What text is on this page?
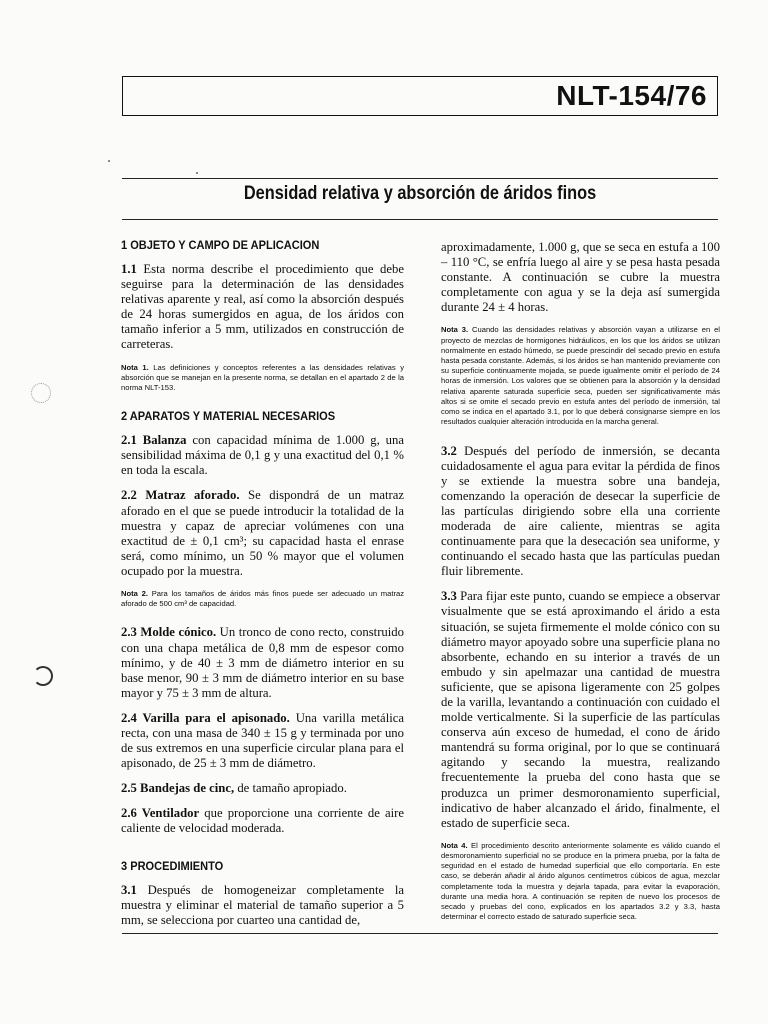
NLT-154/76
Densidad relativa y absorción de áridos finos
1 OBJETO Y CAMPO DE APLICACION

1.1 Esta norma describe el procedimiento que debe seguirse para la determinación de las densidades relativas aparente y real, así como la absorción después de 24 horas sumergidos en agua, de los áridos con tamaño inferior a 5 mm, utilizados en construcción de carreteras.

Nota 1. Las definiciones y conceptos referentes a las densidades relativas y absorción que se manejan en la presente norma, se detallan en el apartado 2 de la norma NLT-153.

2 APARATOS Y MATERIAL NECESARIOS

2.1 Balanza con capacidad mínima de 1.000 g, una sensibilidad máxima de 0,1 g y una exactitud del 0,1 % en toda la escala.

2.2 Matraz aforado. Se dispondrá de un matraz aforado en el que se puede introducir la totalidad de la muestra y capaz de apreciar volúmenes con una exactitud de ± 0,1 cm³; su capacidad hasta el enrase será, como mínimo, un 50 % mayor que el volumen ocupado por la muestra.

Nota 2. Para los tamaños de áridos más finos puede ser adecuado un matraz aforado de 500 cm³ de capacidad.

2.3 Molde cónico. Un tronco de cono recto, construido con una chapa metálica de 0,8 mm de espesor como mínimo, y de 40 ± 3 mm de diámetro interior en su base menor, 90 ± 3 mm de diámetro interior en su base mayor y 75 ± 3 mm de altura.

2.4 Varilla para el apisonado. Una varilla metálica recta, con una masa de 340 ± 15 g y terminada por uno de sus extremos en una superficie circular plana para el apisonado, de 25 ± 3 mm de diámetro.

2.5 Bandejas de cinc, de tamaño apropiado.

2.6 Ventilador que proporcione una corriente de aire caliente de velocidad moderada.

3 PROCEDIMIENTO

3.1 Después de homogeneizar completamente la muestra y eliminar el material de tamaño superior a 5 mm, se selecciona por cuarteo una cantidad de,

aproximadamente, 1.000 g, que se seca en estufa a 100 – 110 °C, se enfría luego al aire y se pesa hasta pesada constante. A continuación se cubre la muestra completamente con agua y se la deja así sumergida durante 24 ± 4 horas.

Nota 3. Cuando las densidades relativas y absorción vayan a utilizarse en el proyecto de mezclas de hormigones hidráulicos, en los que los áridos se utilizan normalmente en estado húmedo, se puede prescindir del secado previo en estufa hasta pesada constante. Además, si los áridos se han mantenido previamente con su superficie continuamente mojada, se puede igualmente omitir el período de 24 horas de inmersión. Los valores que se obtienen para la absorción y la densidad relativa aparente saturada superficie seca, pueden ser significativamente más altos si se omite el secado previo en estufa antes del período de inmersión, tal como se indica en el apartado 3.1, por lo que deberá consignarse siempre en los resultados cualquier alteración introducida en la marcha general.

3.2 Después del período de inmersión, se decanta cuidadosamente el agua para evitar la pérdida de finos y se extiende la muestra sobre una bandeja, comenzando la operación de desecar la superficie de las partículas dirigiendo sobre ella una corriente moderada de aire caliente, mientras se agita continuamente para que la desecación sea uniforme, y continuando el secado hasta que las partículas puedan fluir libremente.

3.3 Para fijar este punto, cuando se empiece a observar visualmente que se está aproximando el árido a esta situación, se sujeta firmemente el molde cónico con su diámetro mayor apoyado sobre una superficie plana no absorbente, echando en su interior a través de un embudo y sin apelmazar una cantidad de muestra suficiente, que se apisona ligeramente con 25 golpes de la varilla, levantando a continuación con cuidado el molde verticalmente. Si la superficie de las partículas conserva aún exceso de humedad, el cono de árido mantendrá su forma original, por lo que se continuará agitando y secando la muestra, realizando frecuentemente la prueba del cono hasta que se produzca un primer desmoronamiento superficial, indicativo de haber alcanzado el árido, finalmente, el estado de superficie seca.

Nota 4. El procedimiento descrito anteriormente solamente es válido cuando el desmoronamiento superficial no se produce en la primera prueba, por la falta de seguridad en el estado de humedad superficial que ello comportaría. En este caso, se deberán añadir al árido algunos centímetros cúbicos de agua, mezclar completamente toda la muestra y dejarla tapada, para evitar la evaporación, durante una media hora. A continuación se repiten de nuevo los procesos de secado y pruebas del cono, explicados en los apartados 3.2 y 3.3, hasta determinar el correcto estado de saturado superficie seca.
